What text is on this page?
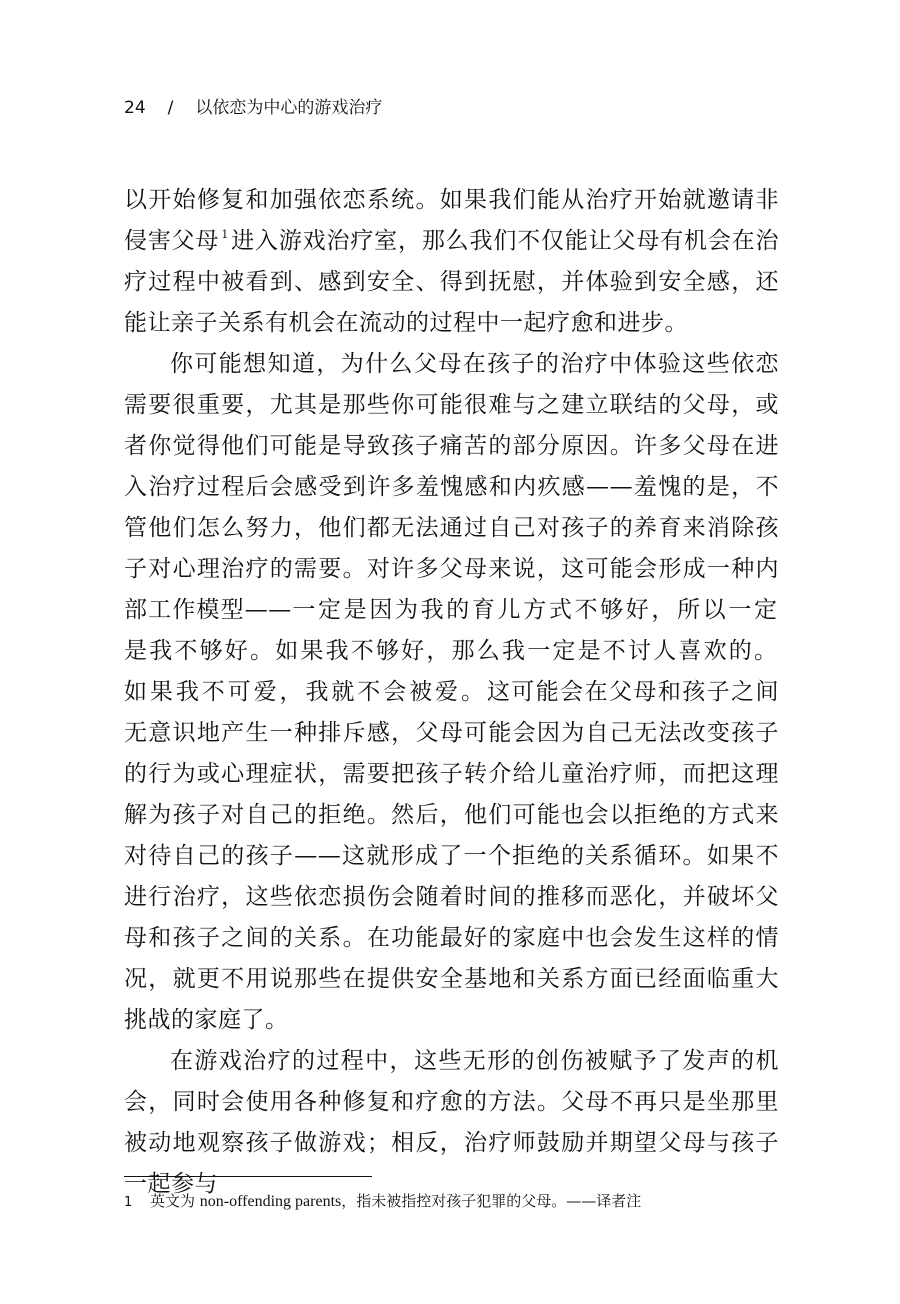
24 / 以依恋为中心的游戏治疗

以开始修复和加强依恋系统。如果我们能从治疗开始就邀请非侵害父母 $^1$进入游戏治疗室，那么我们不仅能让父母有机会在治疗过程中被看到、感到安全、得到抚慰，并体验到安全感，还能让亲子关系有机会在流动的过程中一起疗愈和进步。

你可能想知道，为什么父母在孩子的治疗中体验这些依恋需要很重要，尤其是那些你可能很难与之建立联结的父母，或者你觉得他们可能是导致孩子痛苦的部分原因。许多父母在进入治疗过程后会感受到许多羞愧感和内疚感——羞愧的是，不管他们怎么努力，他们都无法通过自己对孩子的养育来消除孩子对心理治疗的需要。对许多父母来说，这可能会形成一种内部工作模型——一定是因为我的育儿方式不够好，所以一定是我不够好。如果我不够好，那么我一定是不讨人喜欢的。如果我不可爱，我就不会被爱。这可能会在父母和孩子之间无意识地产生一种排斥感，父母可能会因为自己无法改变孩子的行为或心理症状，需要把孩子转介给儿童治疗师，而把这理解为孩子对自己的拒绝。然后，他们可能也会以拒绝的方式来对待自己的孩子——这就形成了一个拒绝的关系循环。如果不进行治疗，这些依恋损伤会随着时间的推移而恶化，并破坏父母和孩子之间的关系。在功能最好的家庭中也会发生这样的情况，就更不用说那些在提供安全基地和关系方面已经面临重大挑战的家庭了。

在游戏治疗的过程中，这些无形的创伤被赋予了发声的机会，同时会使用各种修复和疗愈的方法。父母不再只是坐那里被动地观察孩子做游戏；相反，治疗师鼓励并期望父母与孩子一起参与

1 英文为 non-offending parents，指未被指控对孩子犯罪的父母。——译者注
